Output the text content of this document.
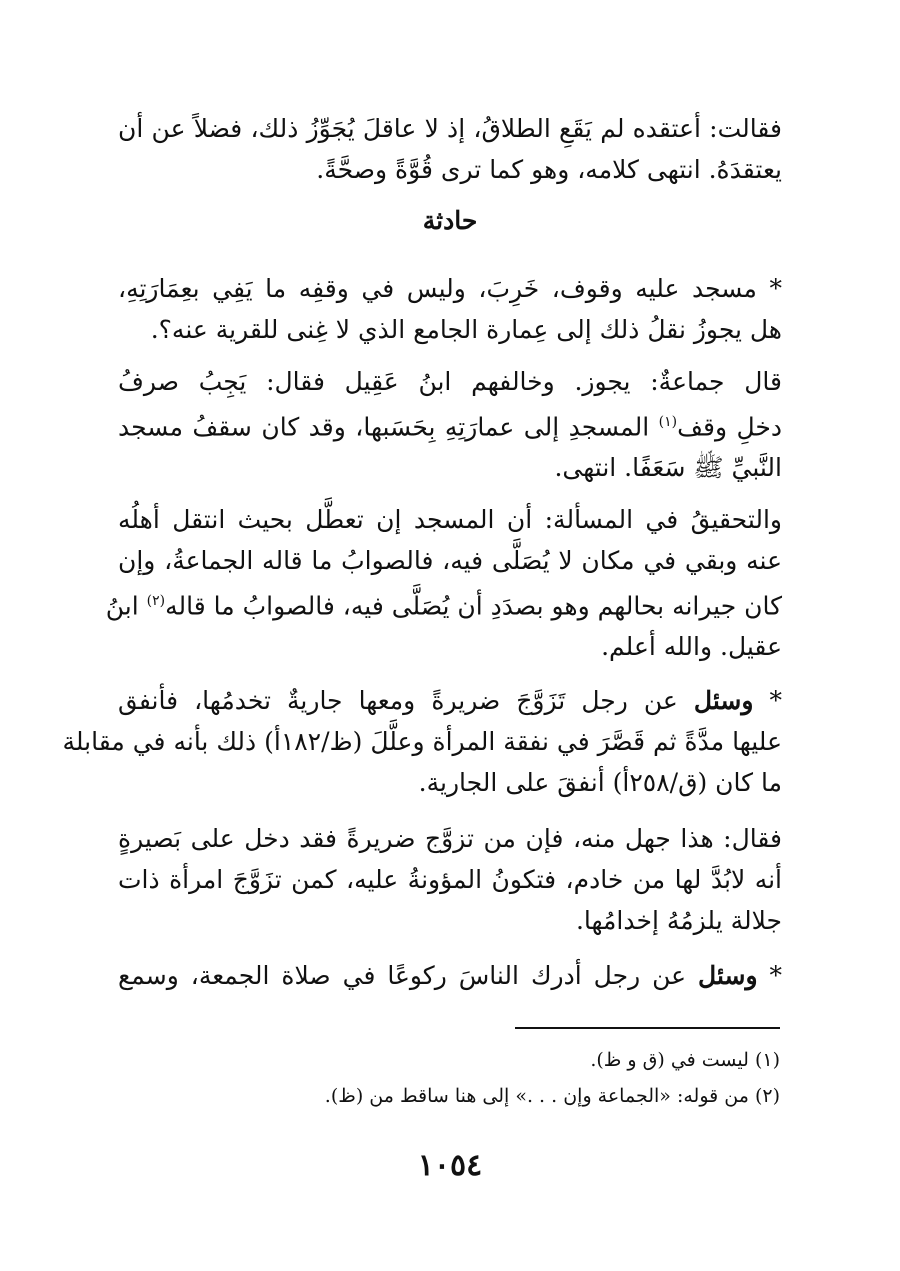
فقالت: أعتقده لم يَقَعِ الطلاقُ، إذ لا عاقلَ يُجَوِّزُ ذلك، فضلاً عن أن
يعتقدَهُ. انتهى كلامه، وهو كما ترى قُوَّةً وصحَّةً.
حادثة
* مسجد عليه وقوف، خَرِبَ، وليس في وقفِه ما يَفِي بعِمَارَتِهِ،
هل يجوزُ نقلُ ذلك إلى عِمارة الجامع الذي لا غِنى للقرية عنه؟.
قال جماعةٌ: يجوز. وخالفهم ابنُ عَقِيل فقال: يَجِبُ صرفُ
دخلِ وقف$^{(١)}$ المسجدِ إلى عمارَتِهِ بِحَسَبها، وقد كان سقفُ مسجد
النَّبيِّ ﷺ سَعَفًا. انتهى.
والتحقيقُ في المسألة: أن المسجد إن تعطَّل بحيث انتقل أهلُه
عنه وبقي في مكان لا يُصَلَّى فيه، فالصوابُ ما قاله الجماعةُ، وإن
كان جيرانه بحالهم وهو بصدَدِ أن يُصَلَّى فيه، فالصوابُ ما قاله$^{(٢)}$ ابنُ
عقيل. والله أعلم.
* وسئل عن رجل تَزَوَّجَ ضريرةً ومعها جاريةٌ تخدمُها، فأنفق
عليها مدَّةً ثم قَصَّرَ في نفقة المرأة وعلَّلَ (ظ/١٨٢أ) ذلك بأنه في مقابلة
ما كان (ق/٢٥٨أ) أنفقَ على الجارية.
فقال: هذا جهل منه، فإن من تزوَّج ضريرةً فقد دخل على بَصيرةٍ
أنه لابُدَّ لها من خادم، فتكونُ المؤونةُ عليه، كمن تزَوَّجَ امرأة ذات
جلالة يلزمُهُ إخدامُها.
* وسئل عن رجل أدرك الناسَ ركوعًا في صلاة الجمعة، وسمع
(١) ليست في (ق و ظ).
(٢) من قوله: «الجماعة وإن . . .» إلى هنا ساقط من (ظ).
١٠٥٤
